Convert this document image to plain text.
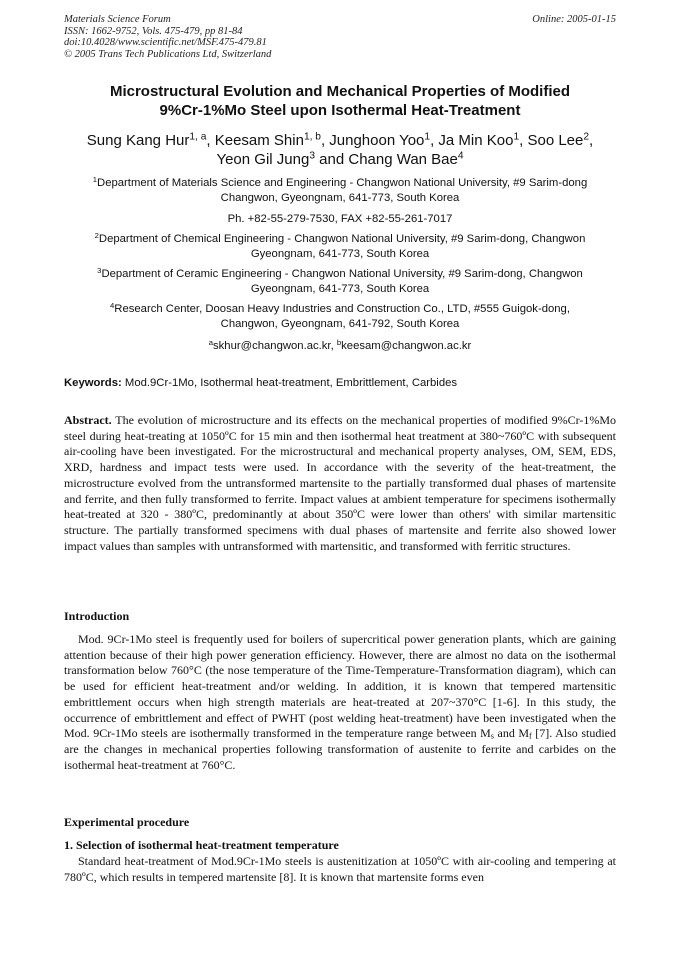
Materials Science Forum
ISSN: 1662-9752, Vols. 475-479, pp 81-84
doi:10.4028/www.scientific.net/MSF.475-479.81
© 2005 Trans Tech Publications Ltd, Switzerland
Online: 2005-01-15
Microstructural Evolution and Mechanical Properties of Modified
9%Cr-1%Mo Steel upon Isothermal Heat-Treatment
Sung Kang Hur$^{1, a}$, Keesam Shin$^{1, b}$, Junghoon Yoo$^1$, Ja Min Koo$^1$, Soo Lee$^2$,
Yeon Gil Jung$^3$ and Chang Wan Bae$^4$
$^1$Department of Materials Science and Engineering - Changwon National University, #9 Sarim-dong
Changwon, Gyeongnam, 641-773, South Korea
Ph. +82-55-279-7530, FAX +82-55-261-7017
$^2$Department of Chemical Engineering - Changwon National University, #9 Sarim-dong, Changwon
Gyeongnam, 641-773, South Korea
$^3$Department of Ceramic Engineering - Changwon National University, #9 Sarim-dong, Changwon
Gyeongnam, 641-773, South Korea
$^4$Research Center, Doosan Heavy Industries and Construction Co., LTD, #555 Guigok-dong,
Changwon, Gyeongnam, 641-792, South Korea
$^a$skhur@changwon.ac.kr, $^b$keesam@changwon.ac.kr
Keywords: Mod.9Cr-1Mo, Isothermal heat-treatment, Embrittlement, Carbides
Abstract. The evolution of microstructure and its effects on the mechanical properties of modified 9%Cr-1%Mo steel during heat-treating at 1050ºC for 15 min and then isothermal heat treatment at 380~760ºC with subsequent air-cooling have been investigated. For the microstructural and mechanical property analyses, OM, SEM, EDS, XRD, hardness and impact tests were used. In accordance with the severity of the heat-treatment, the microstructure evolved from the untransformed martensite to the partially transformed dual phases of martensite and ferrite, and then fully transformed to ferrite. Impact values at ambient temperature for specimens isothermally heat-treated at 320 - 380ºC, predominantly at about 350ºC were lower than others' with similar martensitic structure. The partially transformed specimens with dual phases of martensite and ferrite also showed lower impact values than samples with untransformed with martensitic, and transformed with ferritic structures.
Introduction
Mod. 9Cr-1Mo steel is frequently used for boilers of supercritical power generation plants, which are gaining attention because of their high power generation efficiency. However, there are almost no data on the isothermal transformation below 760°C (the nose temperature of the Time-Temperature-Transformation diagram), which can be used for efficient heat-treatment and/or welding. In addition, it is known that tempered martensitic embrittlement occurs when high strength materials are heat-treated at 207~370°C [1-6]. In this study, the occurrence of embrittlement and effect of PWHT (post welding heat-treatment) have been investigated when the Mod. 9Cr-1Mo steels are isothermally transformed in the temperature range between $M_s$ and $M_f$ [7]. Also studied are the changes in mechanical properties following transformation of austenite to ferrite and carbides on the isothermal heat-treatment at 760°C.
Experimental procedure
1. Selection of isothermal heat-treatment temperature
Standard heat-treatment of Mod.9Cr-1Mo steels is austenitization at 1050ºC with air-cooling and tempering at 780ºC, which results in tempered martensite [8]. It is known that martensite forms even
